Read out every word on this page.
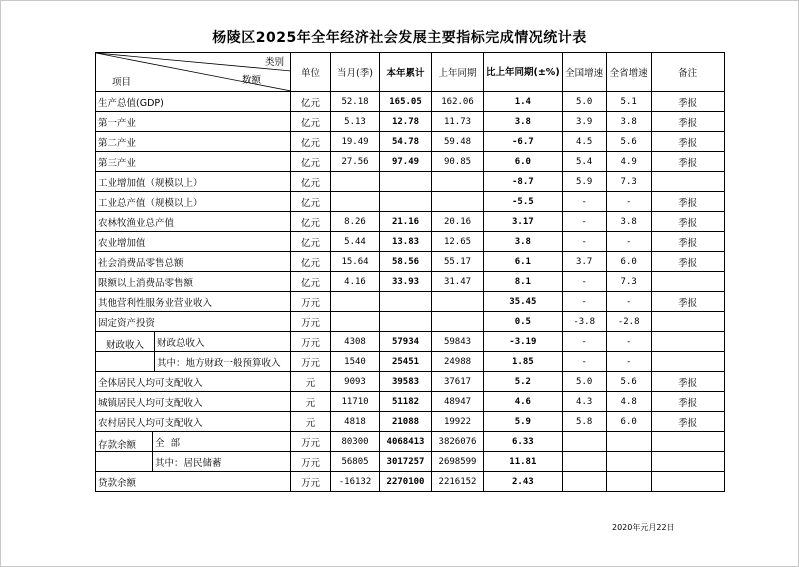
杨陵区2025年全年经济社会发展主要指标完成情况统计表
类别
项目 数额	单位	当月(季)	本年累计	上年同期	比上年同期(±%)	全国增速	全省增速	备注
生产总值(GDP)	亿元	52.18	165.05	162.06	1.4	5.0	5.1	季报
第一产业	亿元	5.13	12.78	11.73	3.8	3.9	3.8	季报
第二产业	亿元	19.49	54.78	59.48	-6.7	4.5	5.6	季报
第三产业	亿元	27.56	97.49	90.85	6.0	5.4	4.9	季报
工业增加值（规模以上）	亿元				-8.7	5.9	7.3	
工业总产值（规模以上）	亿元				-5.5	-	-	季报
农林牧渔业总产值	亿元	8.26	21.16	20.16	3.17	-	3.8	季报
农业增加值	亿元	5.44	13.83	12.65	3.8	-	-	季报
社会消费品零售总额	亿元	15.64	58.56	55.17	6.1	3.7	6.0	季报
限额以上消费品零售额	亿元	4.16	33.93	31.47	8.1	-	7.3	
其他营利性服务业营业收入	万元				35.45	-	-	季报
固定资产投资	万元				0.5	-3.8	-2.8	

财政收入 财政总收入	万元	4308	57934	59843	-3.19	-	-	

其中：地方财政一般预算收入	万元	1540	25451	24988	1.85	-	-	
全体居民人均可支配收入	元	9093	39583	37617	5.2	5.0	5.6	季报
城镇居民人均可支配收入	元	11710	51182	48947	4.6	4.3	4.8	季报
农村居民人均可支配收入	元	4818	21088	19922	5.9	5.8	6.0	季报

存款余额 全  部	万元	80300	4068413	3826076	6.33			

其中：居民储蓄	万元	56805	3017257	2698599	11.81			
贷款余额	万元	-16132	2270100	2216152	2.43			
2020年元月22日
